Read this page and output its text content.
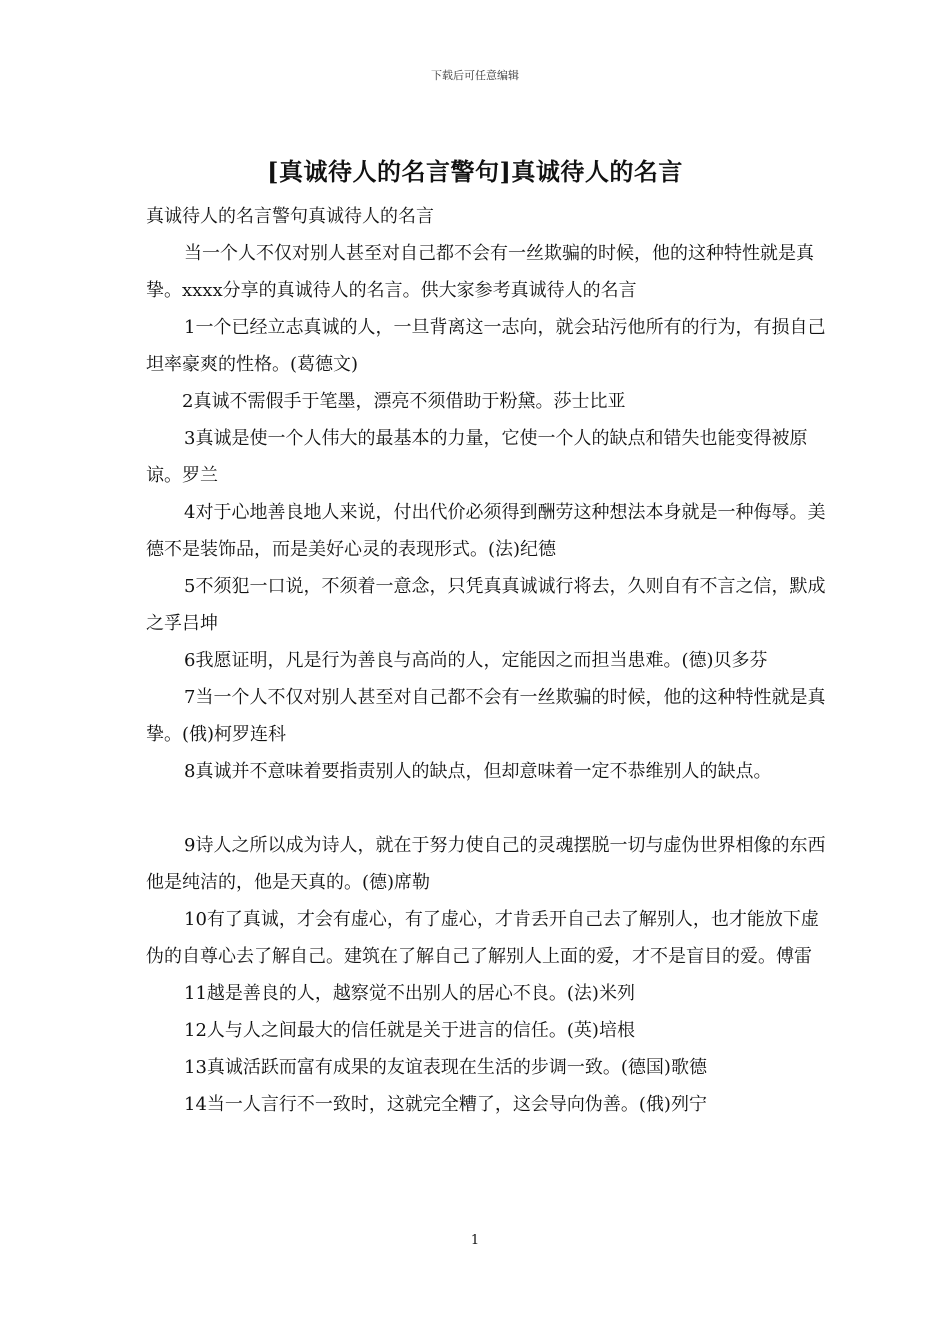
下载后可任意编辑
[真诚待人的名言警句]真诚待人的名言

真诚待人的名言警句真诚待人的名言

当一个人不仅对别人甚至对自己都不会有一丝欺骗的时候，他的这种特性就是真挚。xxxx分享的真诚待人的名言。供大家参考真诚待人的名言

1一个已经立志真诚的人，一旦背离这一志向，就会玷污他所有的行为，有损自己坦率豪爽的性格。(葛德文)

2真诚不需假手于笔墨，漂亮不须借助于粉黛。莎士比亚

3真诚是使一个人伟大的最基本的力量，它使一个人的缺点和错失也能变得被原谅。罗兰

4对于心地善良地人来说，付出代价必须得到酬劳这种想法本身就是一种侮辱。美德不是装饰品，而是美好心灵的表现形式。(法)纪德

5不须犯一口说，不须着一意念，只凭真真诚诚行将去，久则自有不言之信，默成之孚吕坤

6我愿证明，凡是行为善良与高尚的人，定能因之而担当患难。(德)贝多芬

7当一个人不仅对别人甚至对自己都不会有一丝欺骗的时候，他的这种特性就是真挚。(俄)柯罗连科

8真诚并不意味着要指责别人的缺点，但却意味着一定不恭维别人的缺点。

9诗人之所以成为诗人，就在于努力使自己的灵魂摆脱一切与虚伪世界相像的东西他是纯洁的，他是天真的。(德)席勒

10有了真诚，才会有虚心，有了虚心，才肯丢开自己去了解别人，也才能放下虚伪的自尊心去了解自己。建筑在了解自己了解别人上面的爱，才不是盲目的爱。傅雷

11越是善良的人，越察觉不出别人的居心不良。(法)米列

12人与人之间最大的信任就是关于进言的信任。(英)培根

13真诚活跃而富有成果的友谊表现在生活的步调一致。(德国)歌德

14当一人言行不一致时，这就完全糟了，这会导向伪善。(俄)列宁

1
